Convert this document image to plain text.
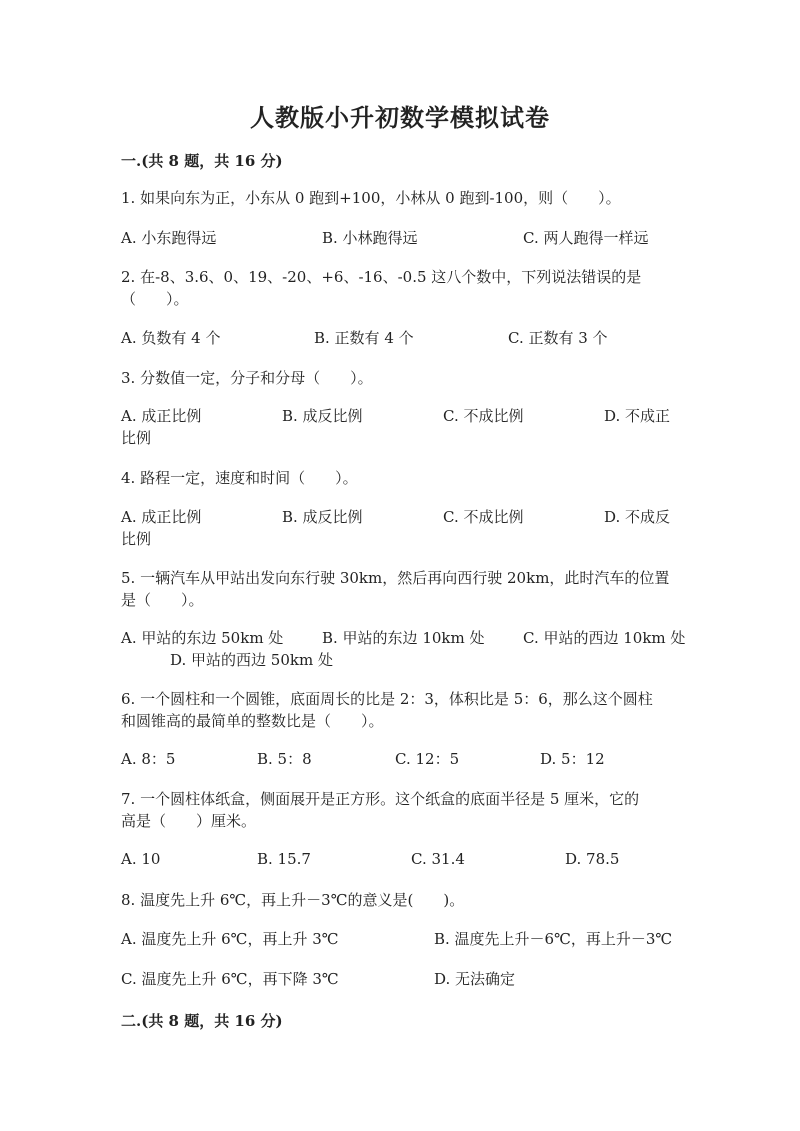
人教版小升初数学模拟试卷
一.(共 8 题，共 16 分)
1. 如果向东为正，小东从 0 跑到+100，小林从 0 跑到-100，则（　　）。
A. 小东跑得远	B. 小林跑得远	C. 两人跑得一样远
2. 在-8、3.6、0、19、-20、+6、-16、-0.5 这八个数中，下列说法错误的是
（　　）。
A. 负数有 4 个	B. 正数有 4 个	C. 正数有 3 个
3. 分数值一定，分子和分母（　　）。
A. 成正比例	B. 成反比例	C. 不成比例	D. 不成正
比例
4. 路程一定，速度和时间（　　）。
A. 成正比例	B. 成反比例	C. 不成比例	D. 不成反
比例
5. 一辆汽车从甲站出发向东行驶 30km，然后再向西行驶 20km，此时汽车的位置
是（　　）。
A. 甲站的东边 50km 处	B. 甲站的东边 10km 处	C. 甲站的西边 10km 处
D. 甲站的西边 50km 处
6. 一个圆柱和一个圆锥，底面周长的比是 2：3，体积比是 5：6，那么这个圆柱
和圆锥高的最简单的整数比是（　　）。
A. 8：5	B. 5：8	C. 12：5	D. 5：12
7. 一个圆柱体纸盒，侧面展开是正方形。这个纸盒的底面半径是 5 厘米，它的
高是（　　）厘米。
A. 10	B. 15.7	C. 31.4	D. 78.5
8. 温度先上升 6℃，再上升－3℃的意义是(　　)。
A. 温度先上升 6℃，再上升 3℃	B. 温度先上升－6℃，再上升－3℃
C. 温度先上升 6℃，再下降 3℃	D. 无法确定
二.(共 8 题，共 16 分)
